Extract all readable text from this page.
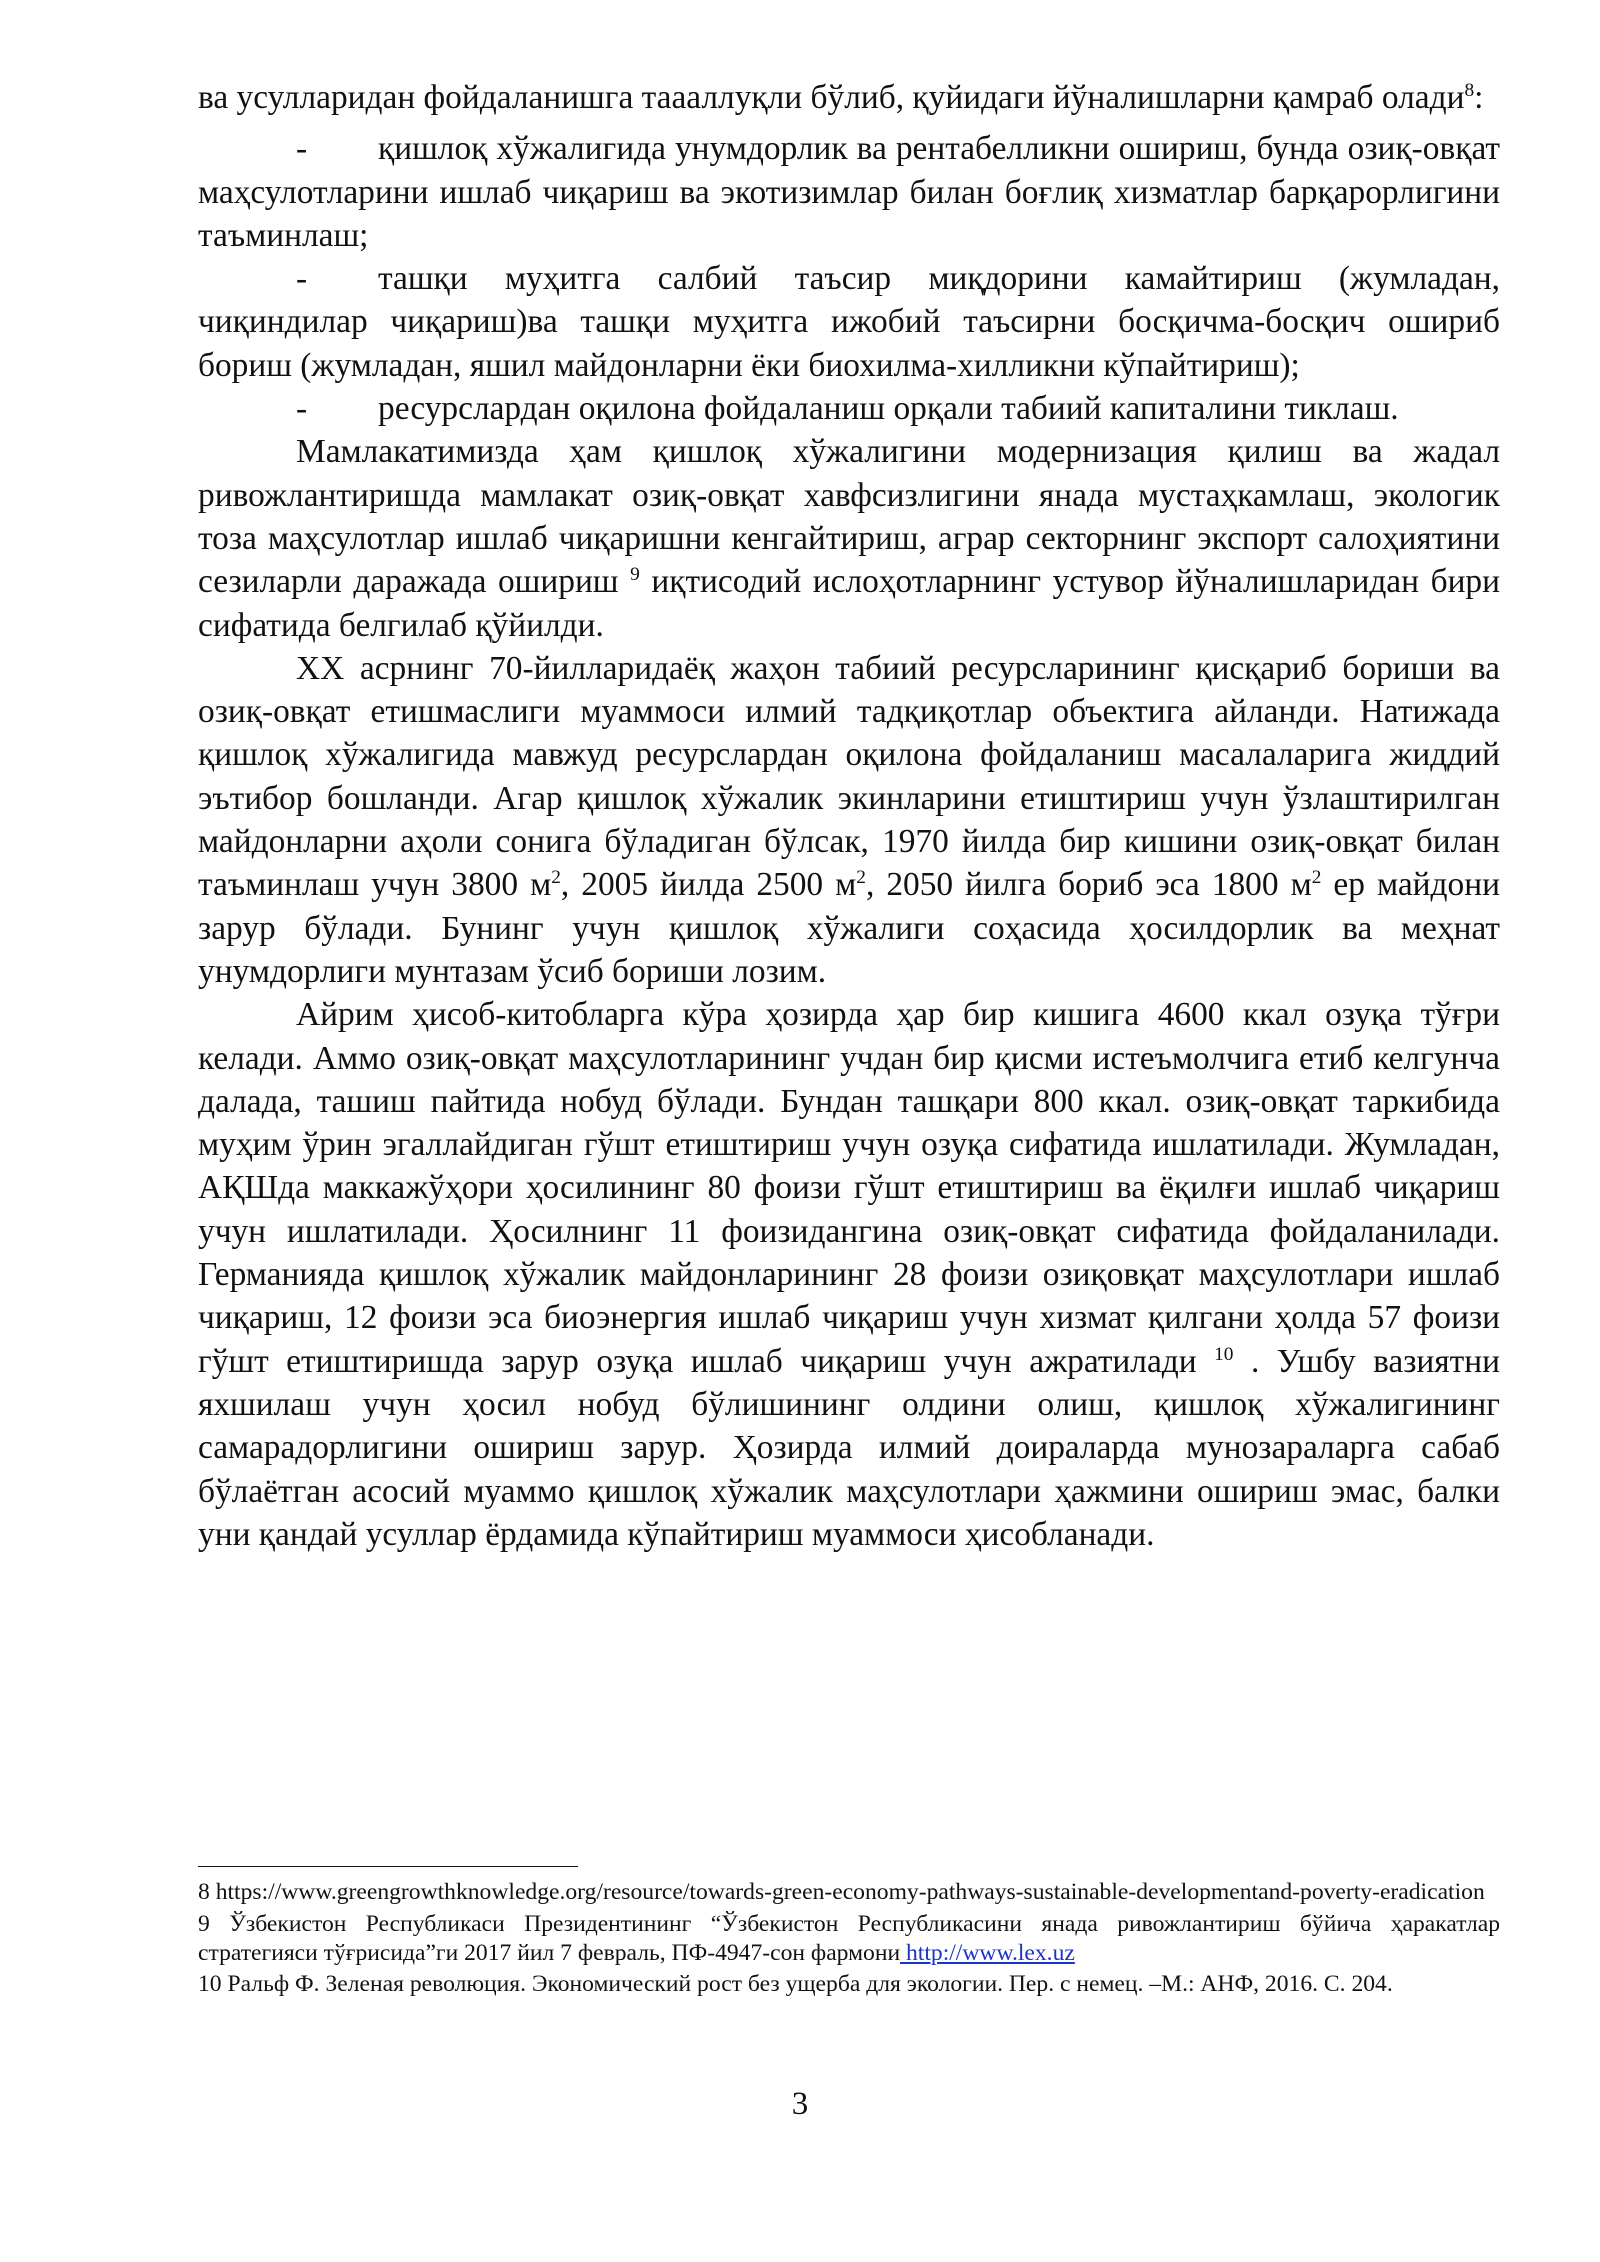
ва усулларидан фойдаланишга таааллуқли бўлиб, қуйидаги йўналишларни қамраб олади$^8$:

- қишлоқ хўжалигида унумдорлик ва рентабелликни ошириш, бунда озиқ-овқат маҳсулотларини ишлаб чиқариш ва экотизимлар билан боғлиқ хизматлар барқарорлигини таъминлаш;

- ташқи муҳитга салбий таъсир миқдорини камайтириш (жумладан, чиқиндилар чиқариш)ва ташқи муҳитга ижобий таъсирни босқичма-босқич ошириб бориш (жумладан, яшил майдонларни ёки биохилма-хилликни кўпайтириш);

- ресурслардан оқилона фойдаланиш орқали табиий капиталини тиклаш.

Мамлакатимизда ҳам қишлоқ хўжалигини модернизация қилиш ва жадал ривожлантиришда мамлакат озиқ-овқат хавфсизлигини янада мустаҳкамлаш, экологик тоза маҳсулотлар ишлаб чиқаришни кенгайтириш, аграр секторнинг экспорт салоҳиятини сезиларли даражада ошириш $^9$ иқтисодий ислоҳотларнинг устувор йўналишларидан бири сифатида белгилаб қўйилди.

XX асрнинг 70-йилларидаёқ жаҳон табиий ресурсларининг қисқариб бориши ва озиқ-овқат етишмаслиги муаммоси илмий тадқиқотлар объектига айланди. Натижада қишлоқ хўжалигида мавжуд ресурслардан оқилона фойдаланиш масалаларига жиддий эътибор бошланди. Агар қишлоқ хўжалик экинларини етиштириш учун ўзлаштирилган майдонларни аҳоли сонига бўладиган бўлсак, 1970 йилда бир кишини озиқ-овқат билан таъминлаш учун 3800 $м^2$, 2005 йилда 2500 $м^2$, 2050 йилга бориб эса 1800 $м^2$ ер майдони зарур бўлади. Бунинг учун қишлоқ хўжалиги соҳасида ҳосилдорлик ва меҳнат унумдорлиги мунтазам ўсиб бориши лозим.

Айрим ҳисоб-китобларга кўра ҳозирда ҳар бир кишига 4600 ккал озуқа тўғри келади. Аммо озиқ-овқат маҳсулотларининг учдан бир қисми истеъмолчига етиб келгунча далада, ташиш пайтида нобуд бўлади. Бундан ташқари 800 ккал. озиқ-овқат таркибида муҳим ўрин эгаллайдиган гўшт етиштириш учун озуқа сифатида ишлатилади. Жумладан, АҚШда маккажўҳори ҳосилининг 80 фоизи гўшт етиштириш ва ёқилғи ишлаб чиқариш учун ишлатилади. Ҳосилнинг 11 фоизидангина озиқ-овқат сифатида фойдаланилади. Германияда қишлоқ хўжалик майдонларининг 28 фоизи озиқовқат маҳсулотлари ишлаб чиқариш, 12 фоизи эса биоэнергия ишлаб чиқариш учун хизмат қилгани ҳолда 57 фоизи гўшт етиштиришда зарур озуқа ишлаб чиқариш учун ажратилади $^{10}$ . Ушбу вазиятни яхшилаш учун ҳосил нобуд бўлишининг олдини олиш, қишлоқ хўжалигининг самарадорлигини ошириш зарур. Ҳозирда илмий доираларда мунозараларга сабаб бўлаётган асосий муаммо қишлоқ хўжалик маҳсулотлари ҳажмини ошириш эмас, балки уни қандай усуллар ёрдамида кўпайтириш муаммоси ҳисобланади.

8 https://www.greengrowthknowledge.org/resource/towards-green-economy-pathways-sustainable-developmentand-poverty-eradication

9 Ўзбекистон Республикаси Президентининг “Ўзбекистон Республикасини янада ривожлантириш бўйича ҳаракатлар стратегияси тўғрисида”ги 2017 йил 7 февраль, ПФ-4947-сон фармони http://www.lex.uz

10 Ральф Ф. Зеленая революция. Экономический рост без ущерба для экологии. Пер. с немец. –М.: АНФ, 2016. С. 204.

3
